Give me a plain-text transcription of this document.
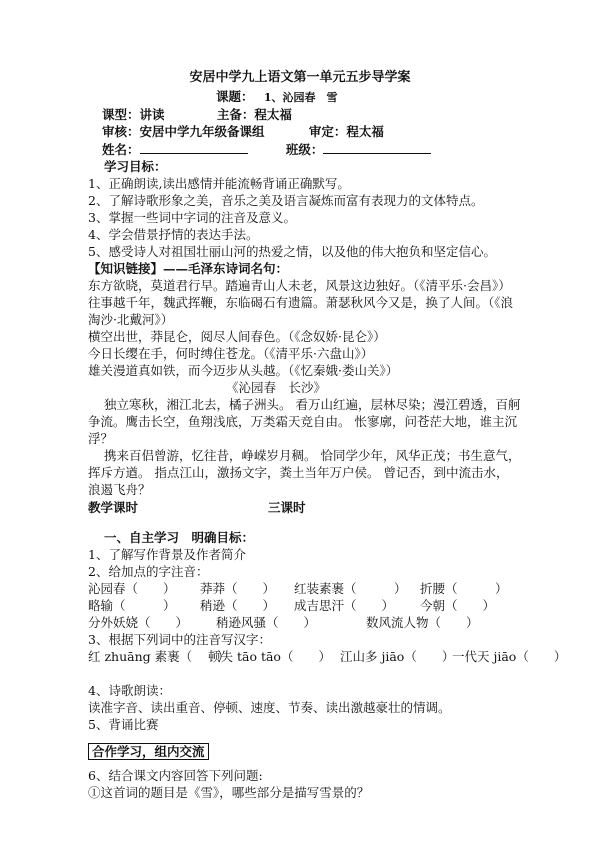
安居中学九上语文第一单元五步导学案
课题： 1、沁园春　雪
课型：讲读	主备：程太福
审核：安居中学九年级备课组	审定：程太福
姓名：	班级：
学习目标：
1、正确朗读,读出感情并能流畅背诵正确默写。
2、了解诗歌形象之美，音乐之美及语言凝炼而富有表现力的文体特点。
3、掌握一些词中字词的注音及意义。
4、学会借景抒情的表达手法。
5、感受诗人对祖国壮丽山河的热爱之情，以及他的伟大抱负和坚定信心。
【知识链接】——毛泽东诗词名句：
东方欲晓，莫道君行早。踏遍青山人未老，风景这边独好。（《清平乐·会昌》）
往事越千年，魏武挥鞭，东临碣石有遗篇。萧瑟秋风今又是，换了人间。（《浪
淘沙·北戴河》）
横空出世，莽昆仑，阅尽人间春色。（《念奴娇·昆仑》）
今日长缨在手，何时缚住苍龙。（《清平乐·六盘山》）
雄关漫道真如铁，而今迈步从头越。（《忆秦娥·娄山关》）
《沁园春　长沙》
独立寒秋，湘江北去，橘子洲头。 看万山红遍，层林尽染；漫江碧透，百舸
争流。鹰击长空，鱼翔浅底，万类霜天竞自由。 怅寥廓，问苍茫大地，谁主沉
浮？
携来百侣曾游，忆往昔，峥嵘岁月稠。 恰同学少年，风华正茂；书生意气，
挥斥方遒。 指点江山，激扬文字，粪土当年万户侯。 曾记否，到中流击水，
浪遏飞舟？
教学课时	三课时
一、自主学习　明确目标：
1、了解写作背景及作者简介
2、给加点的字注音：
沁园春（　　） 莽莽（　　） 红装素裹（　　　） 折腰（　　　）
略输（　　　） 稍逊（　　） 成吉思汗（　　） 今朝（　　）
分外妖娆（　　） 稍逊风骚（　　）	数风流人物（　　）
3、根据下列词中的注音写汉字：
红 zhuāng 素裹（　　）顿失 tāo tāo（　　） 江山多 jiāo（　　）一代天 jiāo（　　）
4、诗歌朗读：
读准字音、读出重音、停顿、速度、节奏、读出激越豪壮的情调。
5、背诵比赛
合作学习，组内交流
6、结合课文内容回答下列问题:
①这首词的题目是《雪》，哪些部分是描写雪景的？
